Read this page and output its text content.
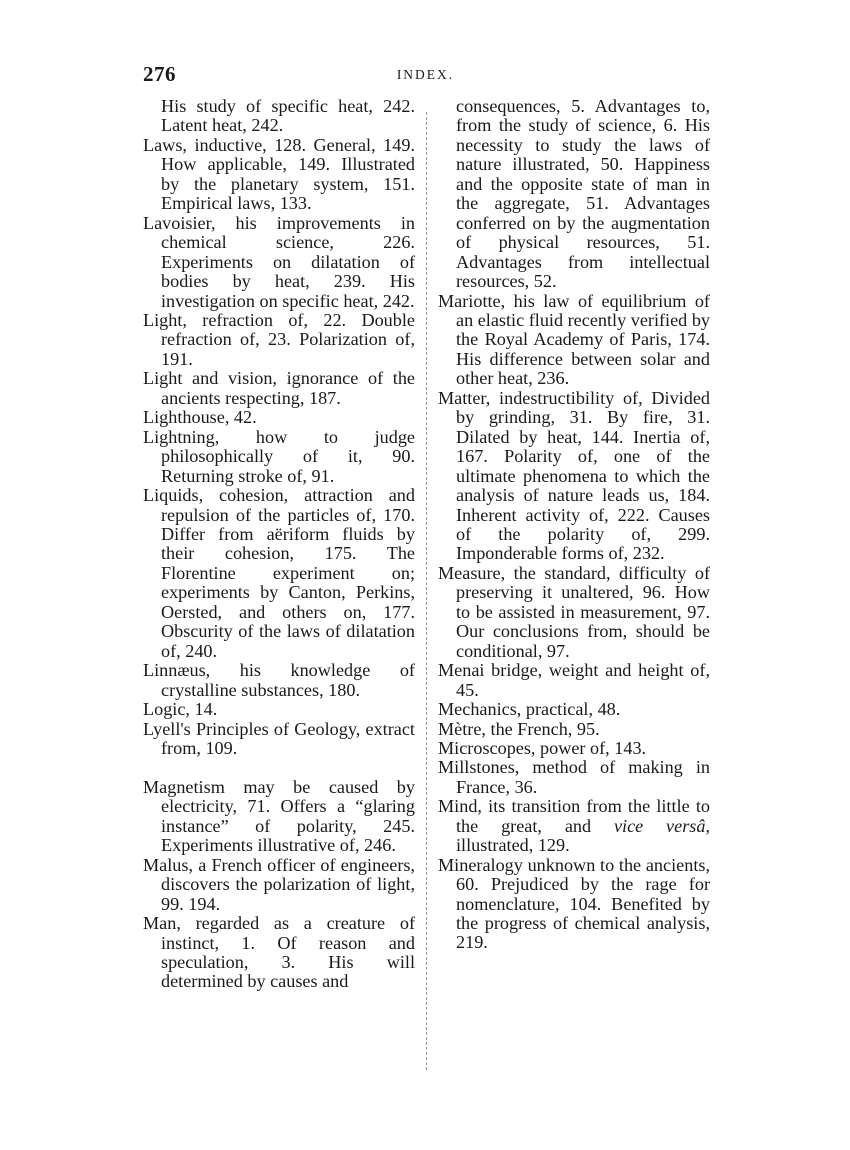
276	INDEX.

His study of specific heat, 242. Latent heat, 242.

Laws, inductive, 128. General, 149. How applicable, 149. Illustrated by the planetary system, 151. Empirical laws, 133.

Lavoisier, his improvements in chemical science, 226. Experiments on dilatation of bodies by heat, 239. His investigation on specific heat, 242.

Light, refraction of, 22. Double refraction of, 23. Polarization of, 191.

Light and vision, ignorance of the ancients respecting, 187.

Lighthouse, 42.

Lightning, how to judge philosophically of it, 90. Returning stroke of, 91.

Liquids, cohesion, attraction and repulsion of the particles of, 170. Differ from aëriform fluids by their cohesion, 175. The Florentine experiment on; experiments by Canton, Perkins, Oersted, and others on, 177. Obscurity of the laws of dilatation of, 240.

Linnæus, his knowledge of crystalline substances, 180.

Logic, 14.

Lyell's Principles of Geology, extract from, 109.

Magnetism may be caused by electricity, 71. Offers a “glaring instance” of polarity, 245. Experiments illustrative of, 246.

Malus, a French officer of engineers, discovers the polarization of light, 99. 194.

Man, regarded as a creature of instinct, 1. Of reason and speculation, 3. His will determined by causes and

consequences, 5. Advantages to, from the study of science, 6. His necessity to study the laws of nature illustrated, 50. Happiness and the opposite state of man in the aggregate, 51. Advantages conferred on by the augmentation of physical resources, 51. Advantages from intellectual resources, 52.

Mariotte, his law of equilibrium of an elastic fluid recently verified by the Royal Academy of Paris, 174. His difference between solar and other heat, 236.

Matter, indestructibility of, Divided by grinding, 31. By fire, 31. Dilated by heat, 144. Inertia of, 167. Polarity of, one of the ultimate phenomena to which the analysis of nature leads us, 184. Inherent activity of, 222. Causes of the polarity of, 299. Imponderable forms of, 232.

Measure, the standard, difficulty of preserving it unaltered, 96. How to be assisted in measurement, 97. Our conclusions from, should be conditional, 97.

Menai bridge, weight and height of, 45.

Mechanics, practical, 48.

Mètre, the French, 95.

Microscopes, power of, 143.

Millstones, method of making in France, 36.

Mind, its transition from the little to the great, and vice versâ, illustrated, 129.

Mineralogy unknown to the ancients, 60. Prejudiced by the rage for nomenclature, 104. Benefited by the progress of chemical analysis, 219.
